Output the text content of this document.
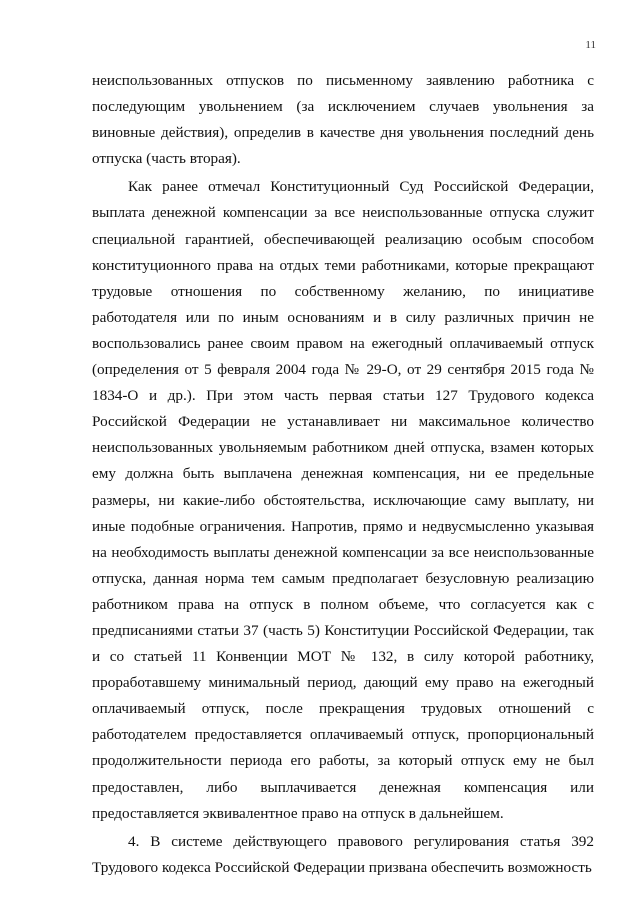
11

неиспользованных отпусков по письменному заявлению работника с последующим увольнением (за исключением случаев увольнения за виновные действия), определив в качестве дня увольнения последний день отпуска (часть вторая).

Как ранее отмечал Конституционный Суд Российской Федерации, выплата денежной компенсации за все неиспользованные отпуска служит специальной гарантией, обеспечивающей реализацию особым способом конституционного права на отдых теми работниками, которые прекращают трудовые отношения по собственному желанию, по инициативе работодателя или по иным основаниям и в силу различных причин не воспользовались ранее своим правом на ежегодный оплачиваемый отпуск (определения от 5 февраля 2004 года № 29-О, от 29 сентября 2015 года № 1834-О и др.). При этом часть первая статьи 127 Трудового кодекса Российской Федерации не устанавливает ни максимальное количество неиспользованных увольняемым работником дней отпуска, взамен которых ему должна быть выплачена денежная компенсация, ни ее предельные размеры, ни какие-либо обстоятельства, исключающие саму выплату, ни иные подобные ограничения. Напротив, прямо и недвусмысленно указывая на необходимость выплаты денежной компенсации за все неиспользованные отпуска, данная норма тем самым предполагает безусловную реализацию работником права на отпуск в полном объеме, что согласуется как с предписаниями статьи 37 (часть 5) Конституции Российской Федерации, так и со статьей 11 Конвенции МОТ № 132, в силу которой работнику, проработавшему минимальный период, дающий ему право на ежегодный оплачиваемый отпуск, после прекращения трудовых отношений с работодателем предоставляется оплачиваемый отпуск, пропорциональный продолжительности периода его работы, за который отпуск ему не был предоставлен, либо выплачивается денежная компенсация или предоставляется эквивалентное право на отпуск в дальнейшем.

4. В системе действующего правового регулирования статья 392 Трудового кодекса Российской Федерации призвана обеспечить возможность
